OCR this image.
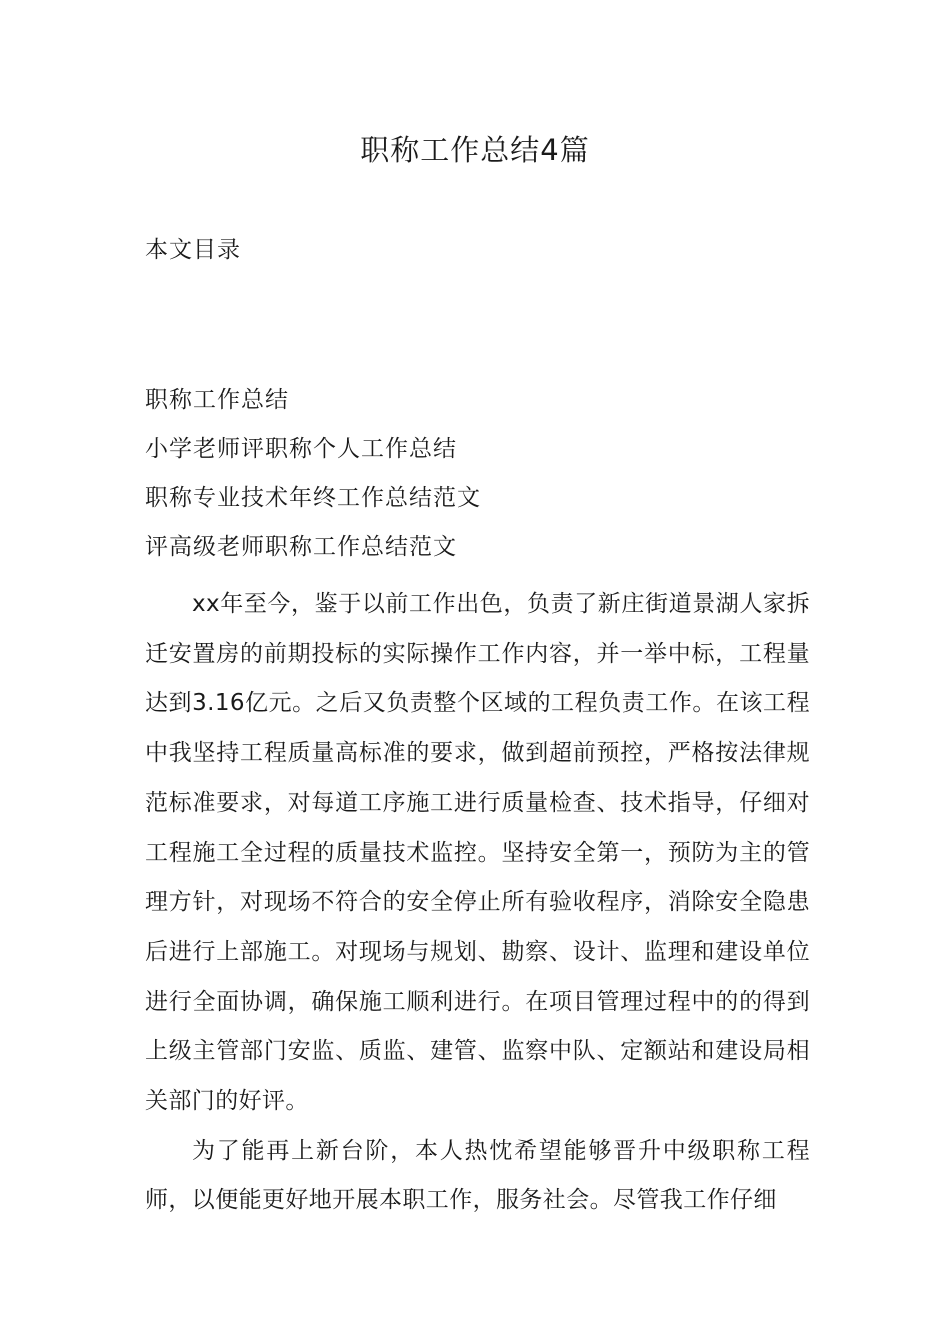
职称工作总结4篇
本文目录
职称工作总结
小学老师评职称个人工作总结
职称专业技术年终工作总结范文
评高级老师职称工作总结范文

xx年至今，鉴于以前工作出色，负责了新庄街道景湖人家拆迁安置房的前期投标的实际操作工作内容，并一举中标，工程量达到3.16亿元。之后又负责整个区域的工程负责工作。在该工程中我坚持工程质量高标准的要求，做到超前预控，严格按法律规范标准要求，对每道工序施工进行质量检查、技术指导，仔细对工程施工全过程的质量技术监控。坚持安全第一，预防为主的管理方针，对现场不符合的安全停止所有验收程序，消除安全隐患后进行上部施工。对现场与规划、勘察、设计、监理和建设单位进行全面协调，确保施工顺利进行。在项目管理过程中的的得到上级主管部门安监、质监、建管、监察中队、定额站和建设局相关部门的好评。

为了能再上新台阶，本人热忱希望能够晋升中级职称工程师，以便能更好地开展本职工作，服务社会。尽管我工作仔细
